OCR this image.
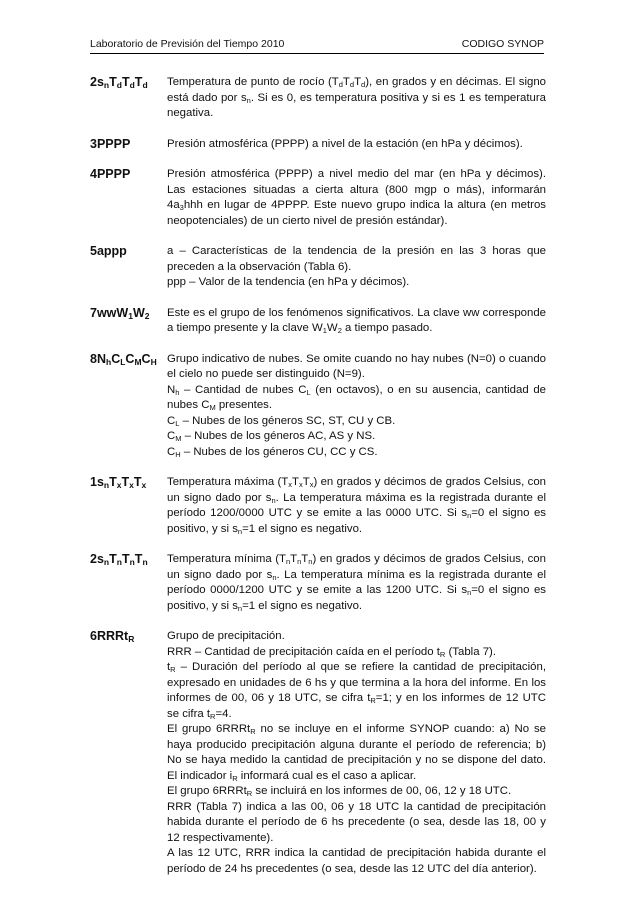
Laboratorio de Previsión del Tiempo 2010	CODIGO SYNOP
$2s_nT_dT_dT_d$	Temperatura de punto de rocío $(T_dT_dT_d)$, en grados y en décimas. El signo está dado por $s_n$. Si es 0, es temperatura positiva y si es 1 es temperatura negativa.
3PPPP	Presión atmosférica (PPPP) a nivel de la estación (en hPa y décimos).
4PPPP	Presión atmosférica (PPPP) a nivel medio del mar (en hPa y décimos). Las estaciones situadas a cierta altura (800 mgp o más), informarán $4a_3hhh$ en lugar de 4PPPP. Este nuevo grupo indica la altura (en metros neopotenciales) de un cierto nivel de presión estándar).
5appp	a – Características de la tendencia de la presión en las 3 horas que preceden a la observación (Tabla 6).
ppp – Valor de la tendencia (en hPa y décimos).
$7wwW_1W_2$	Este es el grupo de los fenómenos significativos. La clave ww corresponde a tiempo presente y la clave $W_1W_2$ a tiempo pasado.
$8N_hC_LC_MC_H$ Grupo indicativo de nubes. Se omite cuando no hay nubes (N=0) o cuando el cielo no puede ser distinguido (N=9).
$N_h$ – Cantidad de nubes $C_L$ (en octavos), o en su ausencia, cantidad de nubes $C_M$ presentes.
$C_L$ – Nubes de los géneros SC, ST, CU y CB.
$C_M$ – Nubes de los géneros AC, AS y NS.
$C_H$ – Nubes de los géneros CU, CC y CS.
$1s_nT_xT_xT_x$	Temperatura máxima $(T_xT_xT_x)$ en grados y décimos de grados Celsius, con un signo dado por $s_n$. La temperatura máxima es la registrada durante el período 1200/0000 UTC y se emite a las 0000 UTC. Si $s_n=0$ el signo es positivo, y si $s_n=1$ el signo es negativo.
$2s_nT_nT_nT_n$	Temperatura mínima $(T_nT_nT_n)$ en grados y décimos de grados Celsius, con un signo dado por $s_n$. La temperatura mínima es la registrada durante el período 0000/1200 UTC y se emite a las 1200 UTC. Si $s_n=0$ el signo es positivo, y si $s_n=1$ el signo es negativo.
6RRRt$_R$	Grupo de precipitación.
RRR – Cantidad de precipitación caída en el período $t_R$ (Tabla 7).
$t_R$ – Duración del período al que se refiere la cantidad de precipitación, expresado en unidades de 6 hs y que termina a la hora del informe. En los informes de 00, 06 y 18 UTC, se cifra $t_R=1$; y en los informes de 12 UTC se cifra $t_R=4$.
El grupo 6RRRt$_R$ no se incluye en el informe SYNOP cuando: a) No se haya producido precipitación alguna durante el período de referencia; b) No se haya medido la cantidad de precipitación y no se dispone del dato. El indicador $i_R$ informará cual es el caso a aplicar.
El grupo 6RRRt$_R$ se incluirá en los informes de 00, 06, 12 y 18 UTC.
RRR (Tabla 7) indica a las 00, 06 y 18 UTC la cantidad de precipitación habida durante el período de 6 hs precedente (o sea, desde las 18, 00 y 12 respectivamente).
A las 12 UTC, RRR indica la cantidad de precipitación habida durante el período de 24 hs precedentes (o sea, desde las 12 UTC del día anterior).
